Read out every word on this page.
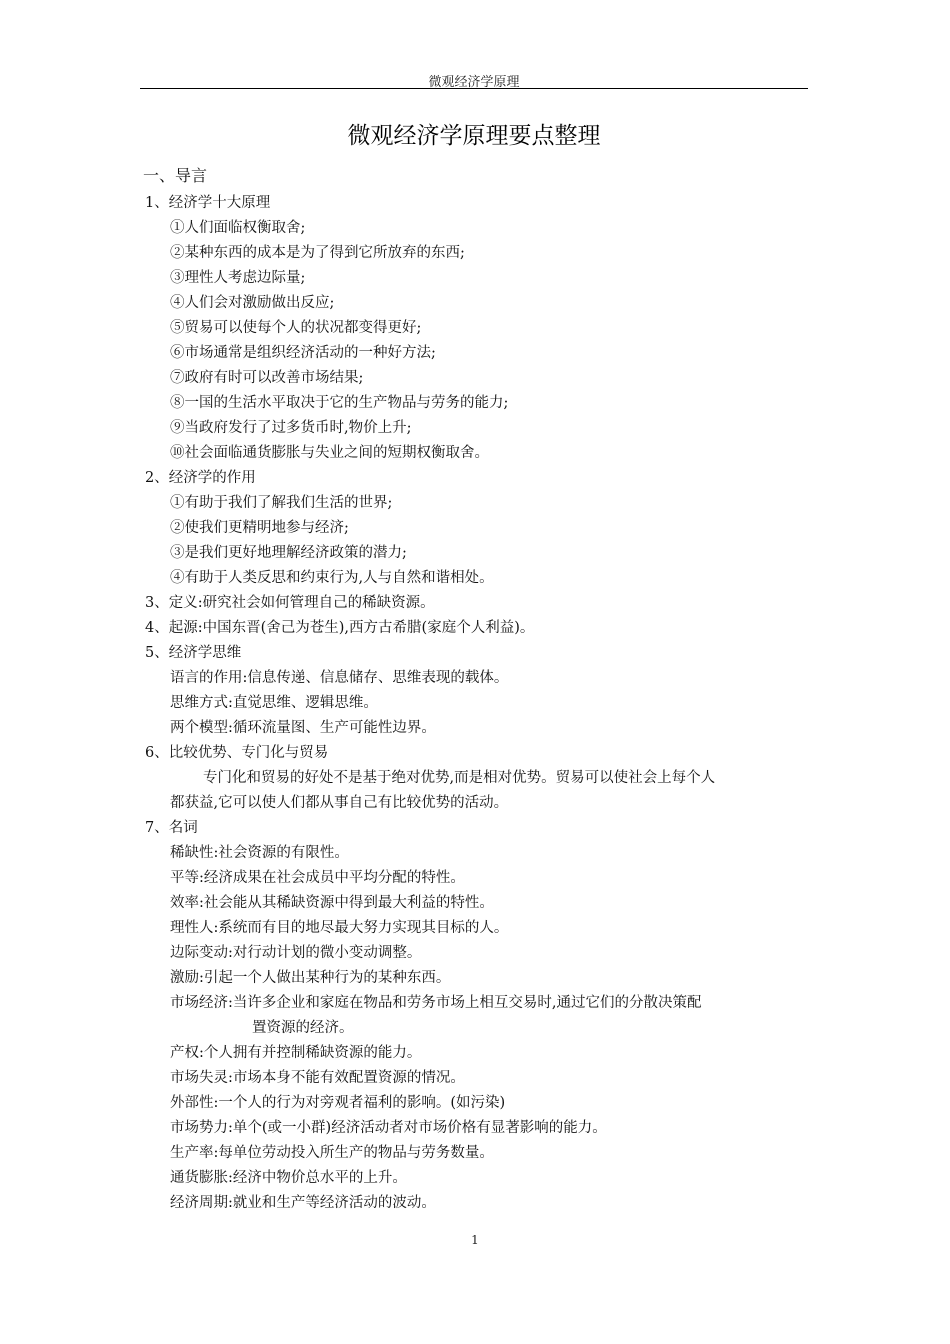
微观经济学原理
微观经济学原理要点整理
一、导言
1、经济学十大原理
①人们面临权衡取舍;
②某种东西的成本是为了得到它所放弃的东西;
③理性人考虑边际量;
④人们会对激励做出反应;
⑤贸易可以使每个人的状况都变得更好;
⑥市场通常是组织经济活动的一种好方法;
⑦政府有时可以改善市场结果;
⑧一国的生活水平取决于它的生产物品与劳务的能力;
⑨当政府发行了过多货币时,物价上升;
⑩社会面临通货膨胀与失业之间的短期权衡取舍。
2、经济学的作用
①有助于我们了解我们生活的世界;
②使我们更精明地参与经济;
③是我们更好地理解经济政策的潜力;
④有助于人类反思和约束行为,人与自然和谐相处。
3、定义:研究社会如何管理自己的稀缺资源。
4、起源:中国东晋(舍己为苍生),西方古希腊(家庭个人利益)。
5、经济学思维
语言的作用:信息传递、信息储存、思维表现的载体。
思维方式:直觉思维、逻辑思维。
两个模型:循环流量图、生产可能性边界。
6、比较优势、专门化与贸易
专门化和贸易的好处不是基于绝对优势,而是相对优势。贸易可以使社会上每个人
都获益,它可以使人们都从事自己有比较优势的活动。
7、名词
稀缺性:社会资源的有限性。
平等:经济成果在社会成员中平均分配的特性。
效率:社会能从其稀缺资源中得到最大利益的特性。
理性人:系统而有目的地尽最大努力实现其目标的人。
边际变动:对行动计划的微小变动调整。
激励:引起一个人做出某种行为的某种东西。
市场经济:当许多企业和家庭在物品和劳务市场上相互交易时,通过它们的分散决策配
置资源的经济。
产权:个人拥有并控制稀缺资源的能力。
市场失灵:市场本身不能有效配置资源的情况。
外部性:一个人的行为对旁观者福利的影响。(如污染)
市场势力:单个(或一小群)经济活动者对市场价格有显著影响的能力。
生产率:每单位劳动投入所生产的物品与劳务数量。
通货膨胀:经济中物价总水平的上升。
经济周期:就业和生产等经济活动的波动。
1
